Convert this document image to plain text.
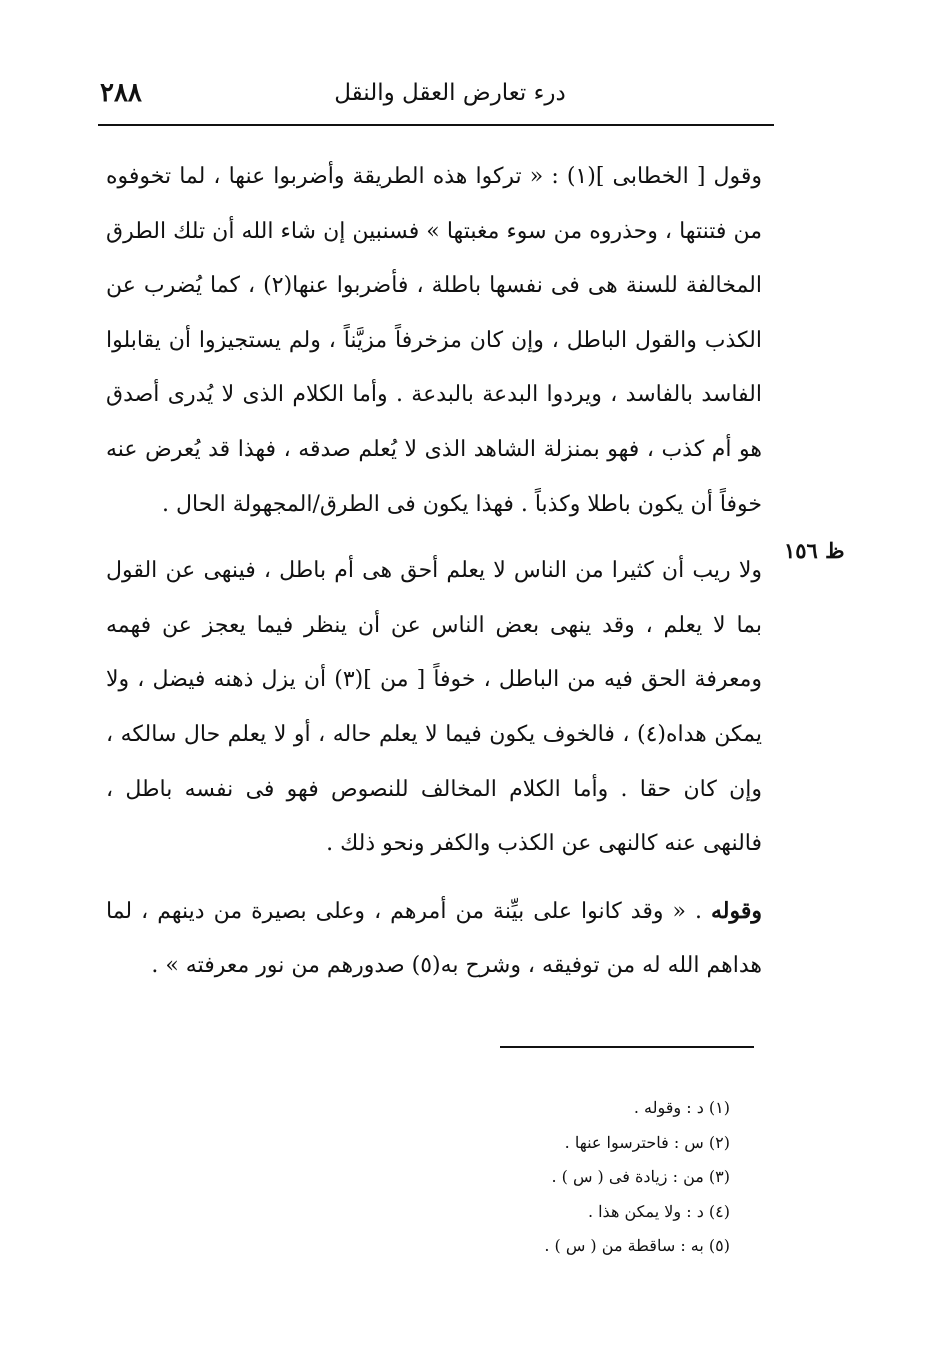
٢٨٨	درء تعارض العقل والنقل

وقول [ الخطابى ](١) : « تركوا هذه الطريقة وأضربوا عنها ، لما تخوفوه من فتنتها ، وحذروه من سوء مغبتها » فسنبين إن شاء الله أن تلك الطرق المخالفة للسنة هى فى نفسها باطلة ، فأضربوا عنها(٢) ، كما يُضرب عن الكذب والقول الباطل ، وإن كان مزخرفاً مزيَّناً ، ولم يستجيزوا أن يقابلوا الفاسد بالفاسد ، ويردوا البدعة بالبدعة . وأما الكلام الذى لا يُدرى أصدق هو أم كذب ، فهو بمنزلة الشاهد الذى لا يُعلم صدقه ، فهذا قد يُعرض عنه خوفاً أن يكون باطلا وكذباً . فهذا يكون فى الطرق/المجهولة الحال .

ولا ريب أن كثيرا من الناس لا يعلم أحق هى أم باطل ، فينهى عن القول بما لا يعلم ، وقد ينهى بعض الناس عن أن ينظر فيما يعجز عن فهمه ومعرفة الحق فيه من الباطل ، خوفاً [ من ](٣) أن يزل ذهنه فيضل ، ولا يمكن هداه(٤) ، فالخوف يكون فيما لا يعلم حاله ، أو لا يعلم حال سالكه ، وإن كان حقا . وأما الكلام المخالف للنصوص فهو فى نفسه باطل ، فالنهى عنه كالنهى عن الكذب والكفر ونحو ذلك .

وقوله . « وقد كانوا على بيِّنة من أمرهم ، وعلى بصيرة من دينهم ، لما هداهم الله له من توفيقه ، وشرح به(٥) صدورهم من نور معرفته » .

ظ ١٥٦
(١) د : وقوله .
(٢) س : فاحترسوا عنها .
(٣) من : زيادة فى ( س ) .
(٤) د : ولا يمكن هذا .
(٥) به : ساقطة من ( س ) .
